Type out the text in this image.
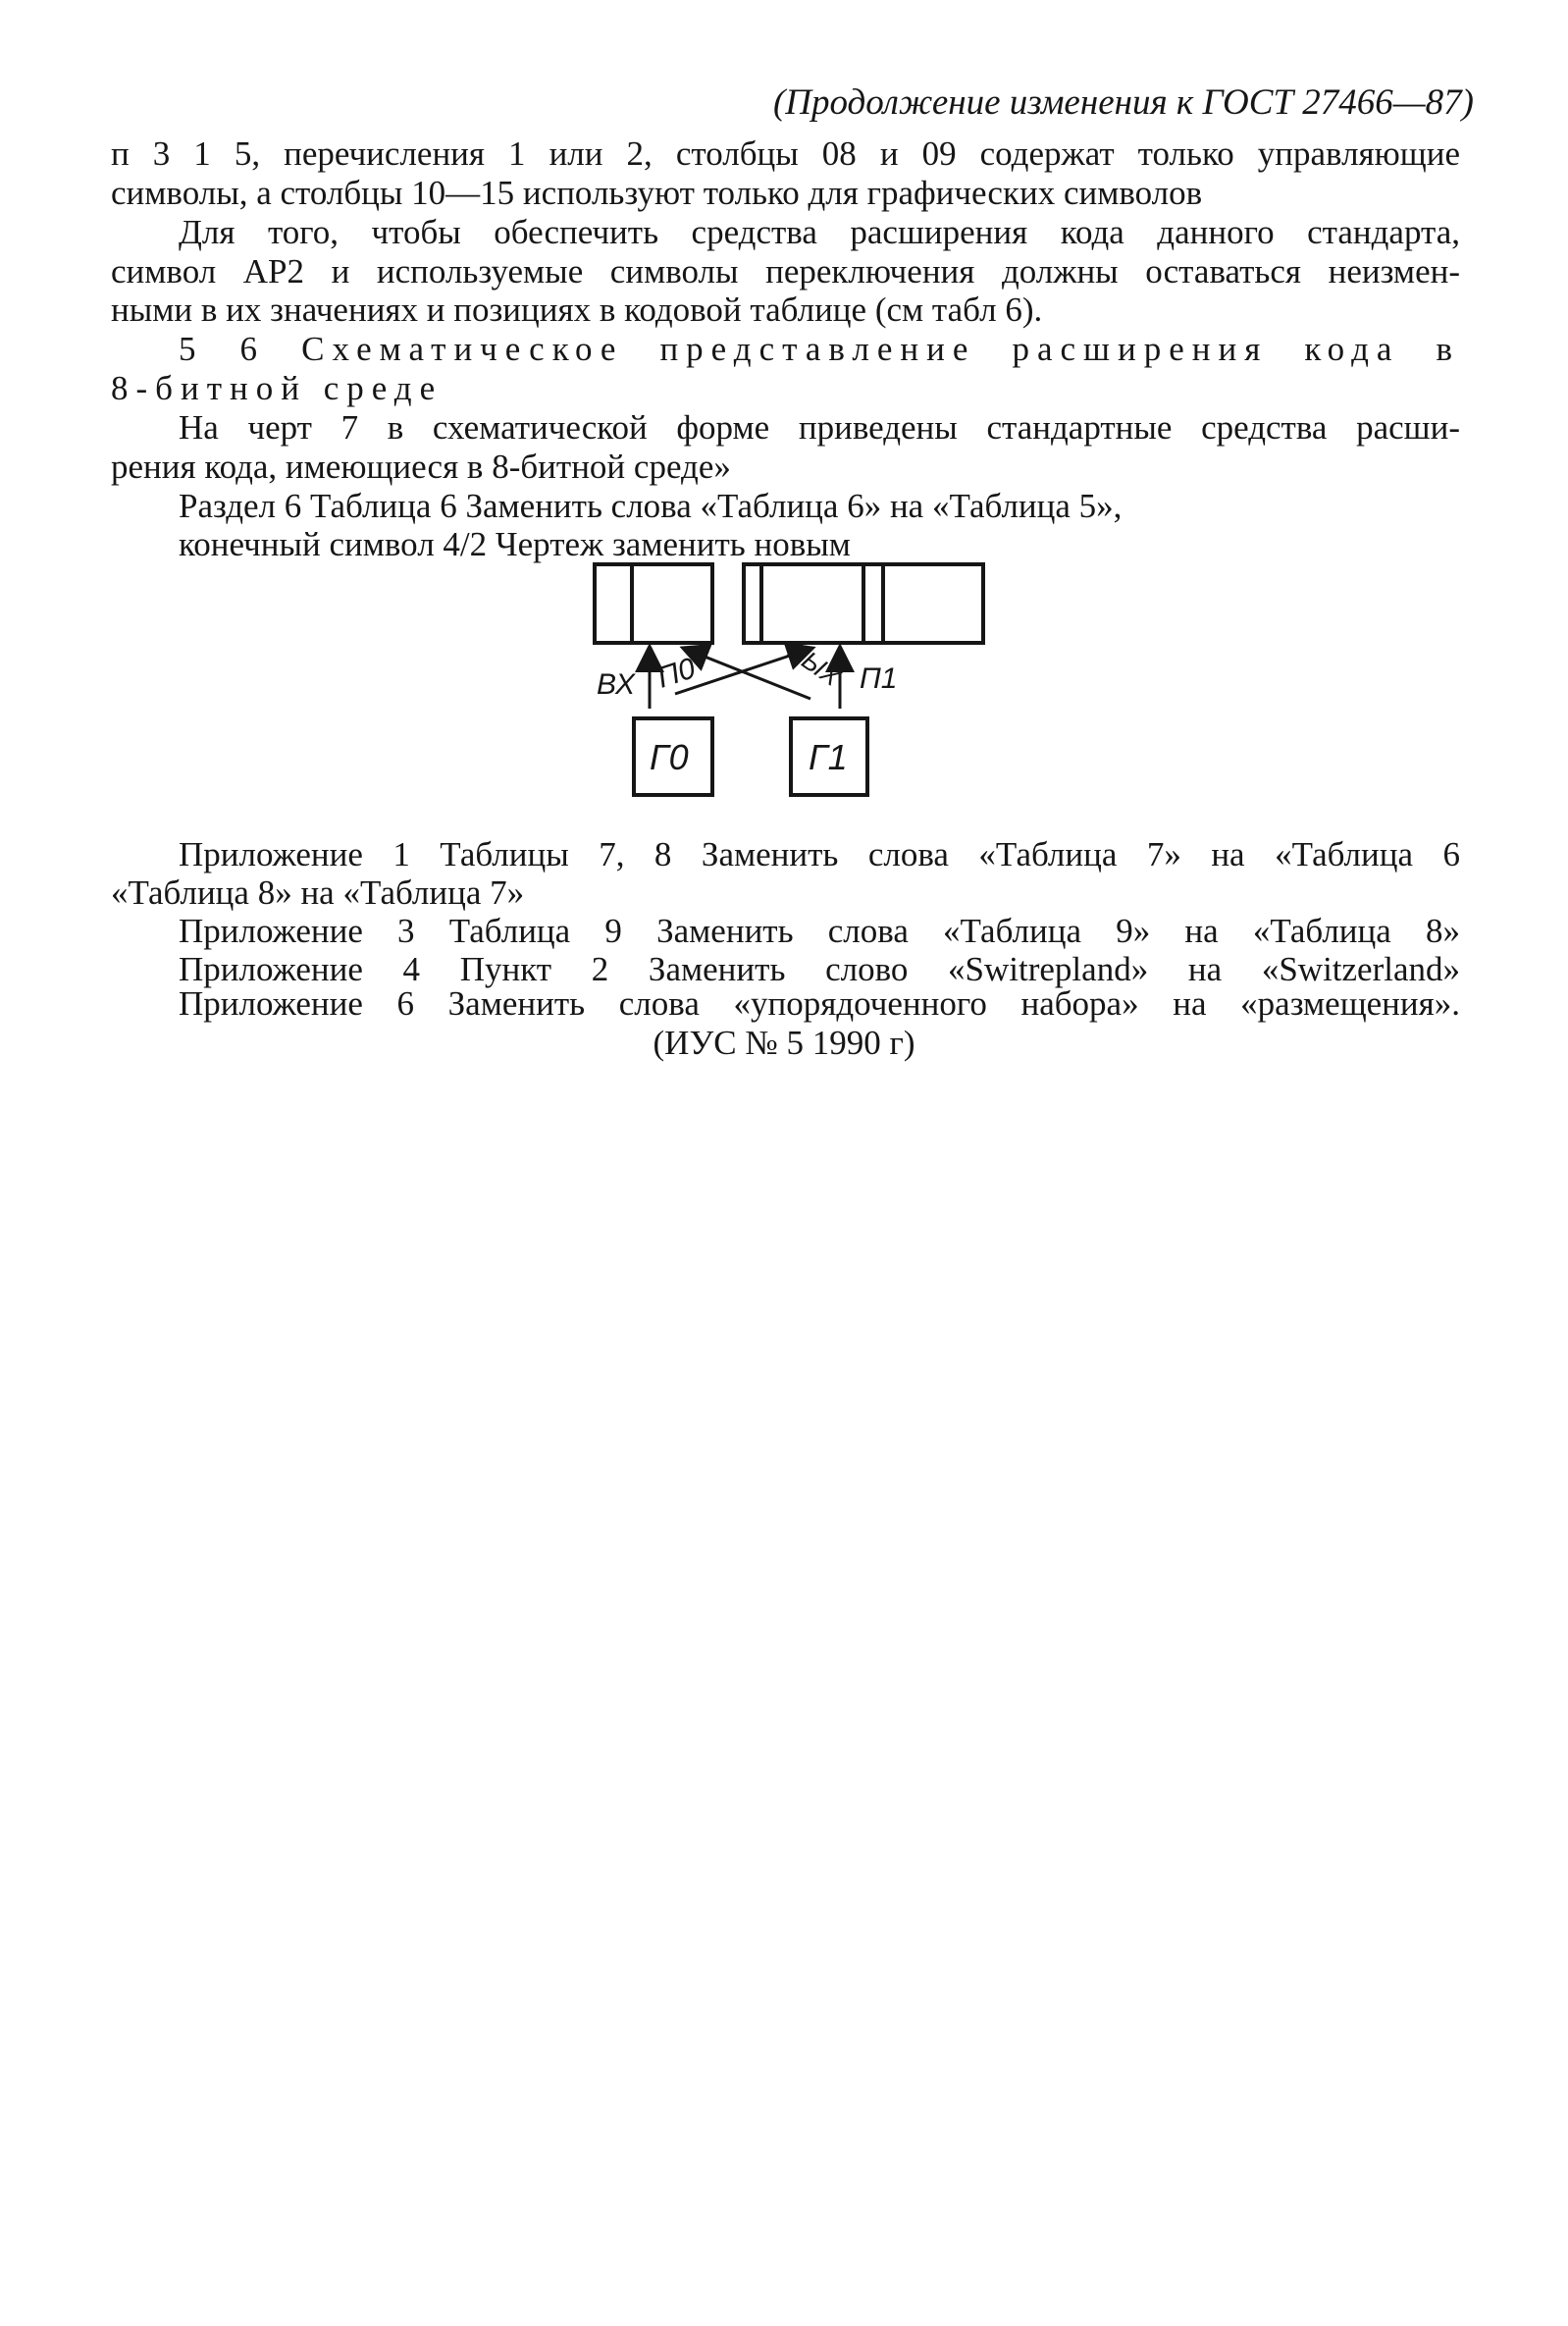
(Продолжение изменения к ГОСТ 27466—87)
п 3 1 5, перечисления 1 или 2, столбцы 08 и 09 содержат только управляющие
символы, а столбцы 10—15 используют только для графических символов
Для того, чтобы обеспечить средства расширения кода данного стандарта,
символ АР2 и используемые символы переключения должны оставаться неизмен-
ными в их значениях и позициях в кодовой таблице (см табл 6).
5 6 Схематическое представление расширения кода в
8-битной среде
На черт 7 в схематической форме приведены стандартные средства расши-
рения кода, имеющиеся в 8-битной среде»
Раздел 6 Таблица 6 Заменить слова «Таблица 6» на «Таблица 5»,
конечный символ 4/2 Чертеж заменить новым
ВХ П0	ВЫХ П1
Г0	Г1
Приложение 1 Таблицы 7, 8 Заменить слова «Таблица 7» на «Таблица 6
«Таблица 8» на «Таблица 7»
Приложение 3 Таблица 9 Заменить слова «Таблица 9» на «Таблица 8»
Приложение 4 Пункт 2 Заменить слово «Switrepland» на «Switzerland»
Приложение 6 Заменить слова «упорядоченного набора» на «размещения».
(ИУС № 5 1990 г)
